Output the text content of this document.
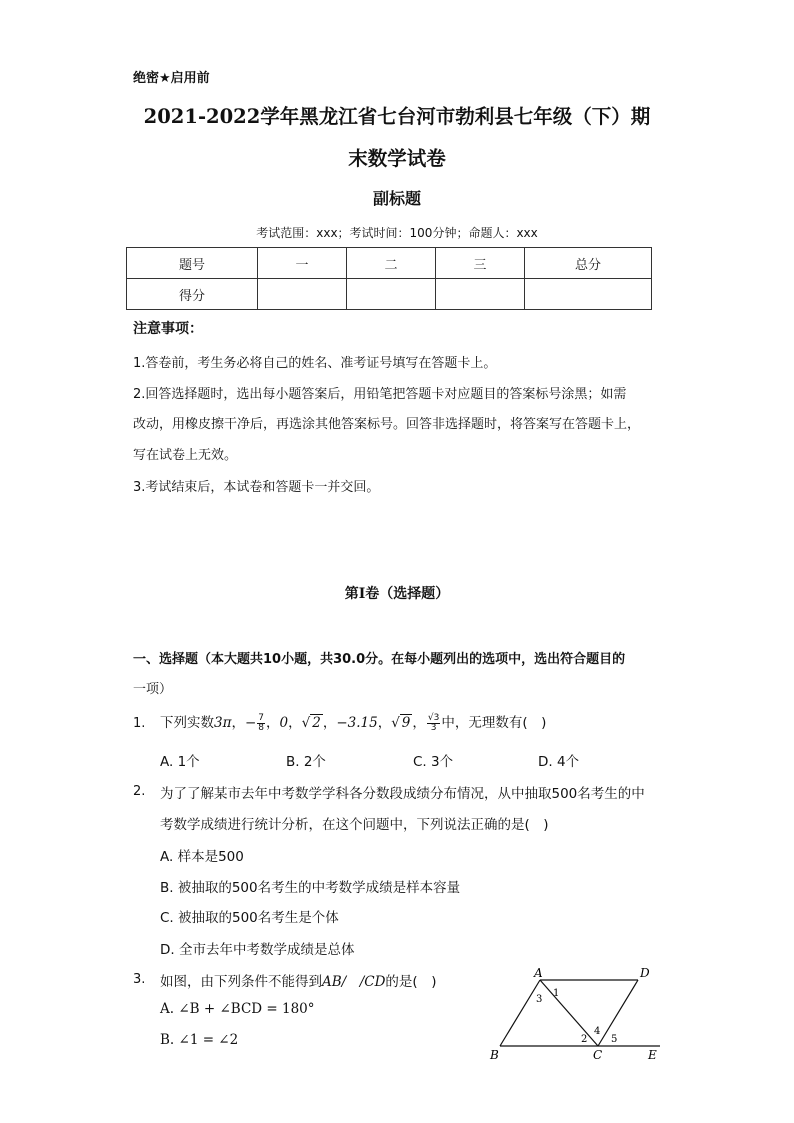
绝密★启用前
2021-2022学年黑龙江省七台河市勃利县七年级（下）期
末数学试卷
副标题
考试范围：xxx；考试时间：100分钟；命题人：xxx
题号	一	二	三	总分
得分				
注意事项：
1.答卷前，考生务必将自己的姓名、准考证号填写在答题卡上。
2.回答选择题时，选出每小题答案后，用铅笔把答题卡对应题目的答案标号涂黑；如需
改动，用橡皮擦干净后，再选涂其他答案标号。回答非选择题时，将答案写在答题卡上，
写在试卷上无效。
3.考试结束后，本试卷和答题卡一并交回。
第I卷（选择题）
一、选择题（本大题共10小题，共30.0分。在每小题列出的选项中，选出符合题目的
一项）
1. 下列实数3π，− $\frac{7}{8}$ ，0，√ 2 ，−3.15，√ 9 ， $\frac{√3}{3}$ 中，无理数有(　)
A. 1个	B. 2个	C. 3个	D. 4个
2. 为了了解某市去年中考数学学科各分数段成绩分布情况，从中抽取500名考生的中
考数学成绩进行统计分析，在这个问题中，下列说法正确的是(　)
A. 样本是500
B. 被抽取的500名考生的中考数学成绩是样本容量
C. 被抽取的500名考生是个体
D. 全市去年中考数学成绩是总体
3. 如图，由下列条件不能得到AB/　/CD的是(　)
A. ∠B + ∠BCD = 180°
B. ∠1 = ∠2
A	D
B	C	E
1
2
3
4
5
